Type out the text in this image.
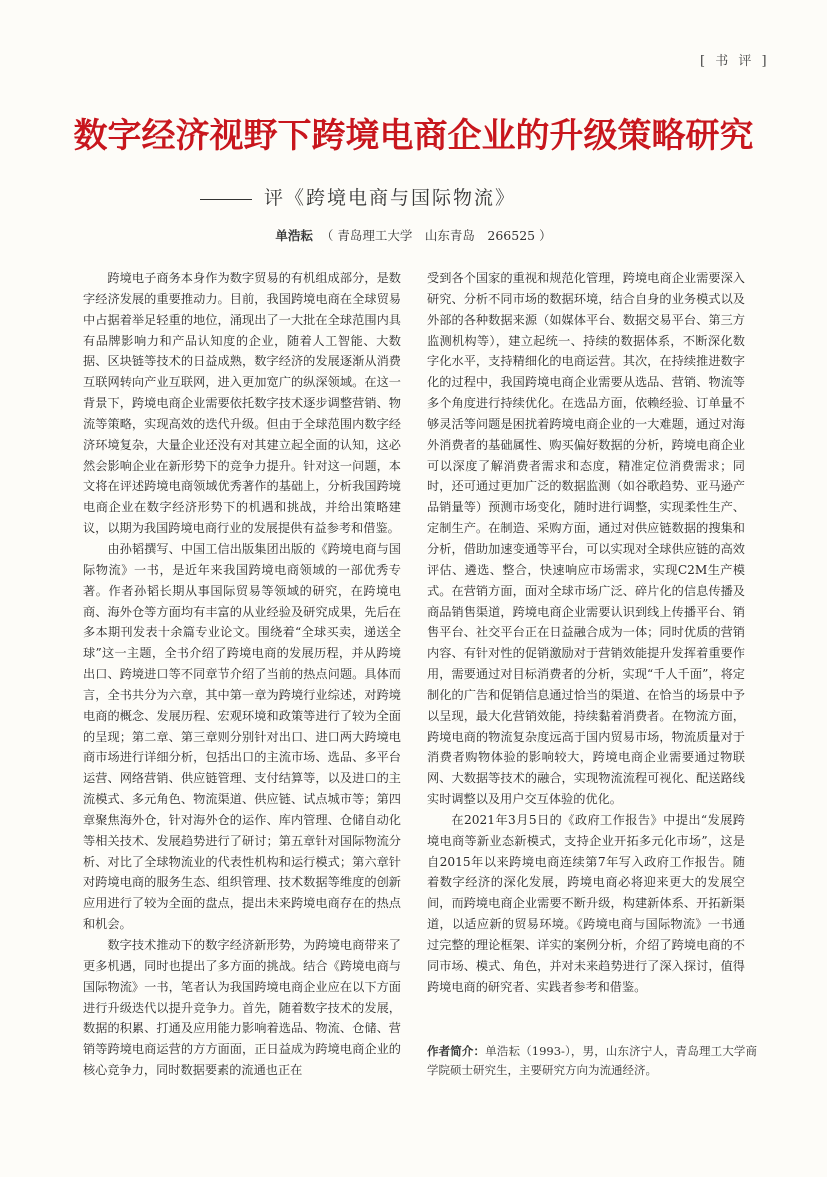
[ 书 评 ]
数字经济视野下跨境电商企业的升级策略研究
评《跨境电商与国际物流》
单浩耘 （ 青岛理工大学　山东青岛　266525 ）

跨境电子商务本身作为数字贸易的有机组成部分，是数字经济发展的重要推动力。目前，我国跨境电商在全球贸易中占据着举足轻重的地位，涌现出了一大批在全球范围内具有品牌影响力和产品认知度的企业，随着人工智能、大数据、区块链等技术的日益成熟，数字经济的发展逐渐从消费互联网转向产业互联网，进入更加宽广的纵深领域。在这一背景下，跨境电商企业需要依托数字技术逐步调整营销、物流等策略，实现高效的迭代升级。但由于全球范围内数字经济环境复杂，大量企业还没有对其建立起全面的认知，这必然会影响企业在新形势下的竞争力提升。针对这一问题，本文将在评述跨境电商领域优秀著作的基础上，分析我国跨境电商企业在数字经济形势下的机遇和挑战，并给出策略建议，以期为我国跨境电商行业的发展提供有益参考和借鉴。

由孙韬撰写、中国工信出版集团出版的《跨境电商与国际物流》一书，是近年来我国跨境电商领域的一部优秀专著。作者孙韬长期从事国际贸易等领域的研究，在跨境电商、海外仓等方面均有丰富的从业经验及研究成果，先后在多本期刊发表十余篇专业论文。围绕着“全球买卖，递送全球”这一主题，全书介绍了跨境电商的发展历程，并从跨境出口、跨境进口等不同章节介绍了当前的热点问题。具体而言，全书共分为六章，其中第一章为跨境行业综述，对跨境电商的概念、发展历程、宏观环境和政策等进行了较为全面的呈现；第二章、第三章则分别针对出口、进口两大跨境电商市场进行详细分析，包括出口的主流市场、选品、多平台运营、网络营销、供应链管理、支付结算等，以及进口的主流模式、多元角色、物流渠道、供应链、试点城市等；第四章聚焦海外仓，针对海外仓的运作、库内管理、仓储自动化等相关技术、发展趋势进行了研讨；第五章针对国际物流分析、对比了全球物流业的代表性机构和运行模式；第六章针对跨境电商的服务生态、组织管理、技术数据等维度的创新应用进行了较为全面的盘点，提出未来跨境电商存在的热点和机会。

数字技术推动下的数字经济新形势，为跨境电商带来了更多机遇，同时也提出了多方面的挑战。结合《跨境电商与国际物流》一书，笔者认为我国跨境电商企业应在以下方面进行升级迭代以提升竞争力。首先，随着数字技术的发展，数据的积累、打通及应用能力影响着选品、物流、仓储、营销等跨境电商运营的方方面面，正日益成为跨境电商企业的核心竞争力，同时数据要素的流通也正在

受到各个国家的重视和规范化管理，跨境电商企业需要深入研究、分析不同市场的数据环境，结合自身的业务模式以及外部的各种数据来源（如媒体平台、数据交易平台、第三方监测机构等），建立起统一、持续的数据体系，不断深化数字化水平，支持精细化的电商运营。其次，在持续推进数字化的过程中，我国跨境电商企业需要从选品、营销、物流等多个角度进行持续优化。在选品方面，依赖经验、订单量不够灵活等问题是困扰着跨境电商企业的一大难题，通过对海外消费者的基础属性、购买偏好数据的分析，跨境电商企业可以深度了解消费者需求和态度，精准定位消费需求；同时，还可通过更加广泛的数据监测（如谷歌趋势、亚马逊产品销量等）预测市场变化，随时进行调整，实现柔性生产、定制生产。在制造、采购方面，通过对供应链数据的搜集和分析，借助加速变通等平台，可以实现对全球供应链的高效评估、遴选、整合，快速响应市场需求，实现C2M生产模式。在营销方面，面对全球市场广泛、碎片化的信息传播及商品销售渠道，跨境电商企业需要认识到线上传播平台、销售平台、社交平台正在日益融合成为一体；同时优质的营销内容、有针对性的促销激励对于营销效能提升发挥着重要作用，需要通过对目标消费者的分析，实现“千人千面”，将定制化的广告和促销信息通过恰当的渠道、在恰当的场景中予以呈现，最大化营销效能，持续黏着消费者。在物流方面，跨境电商的物流复杂度远高于国内贸易市场，物流质量对于消费者购物体验的影响较大，跨境电商企业需要通过物联网、大数据等技术的融合，实现物流流程可视化、配送路线实时调整以及用户交互体验的优化。

在2021年3月5日的《政府工作报告》中提出“发展跨境电商等新业态新模式，支持企业开拓多元化市场”，这是自2015年以来跨境电商连续第7年写入政府工作报告。随着数字经济的深化发展，跨境电商必将迎来更大的发展空间，而跨境电商企业需要不断升级，构建新体系、开拓新渠道，以适应新的贸易环境。《跨境电商与国际物流》一书通过完整的理论框架、详实的案例分析，介绍了跨境电商的不同市场、模式、角色，并对未来趋势进行了深入探讨，值得跨境电商的研究者、实践者参考和借鉴。

作者简介：单浩耘（1993-），男，山东济宁人，青岛理工大学商学院硕士研究生，主要研究方向为流通经济。
